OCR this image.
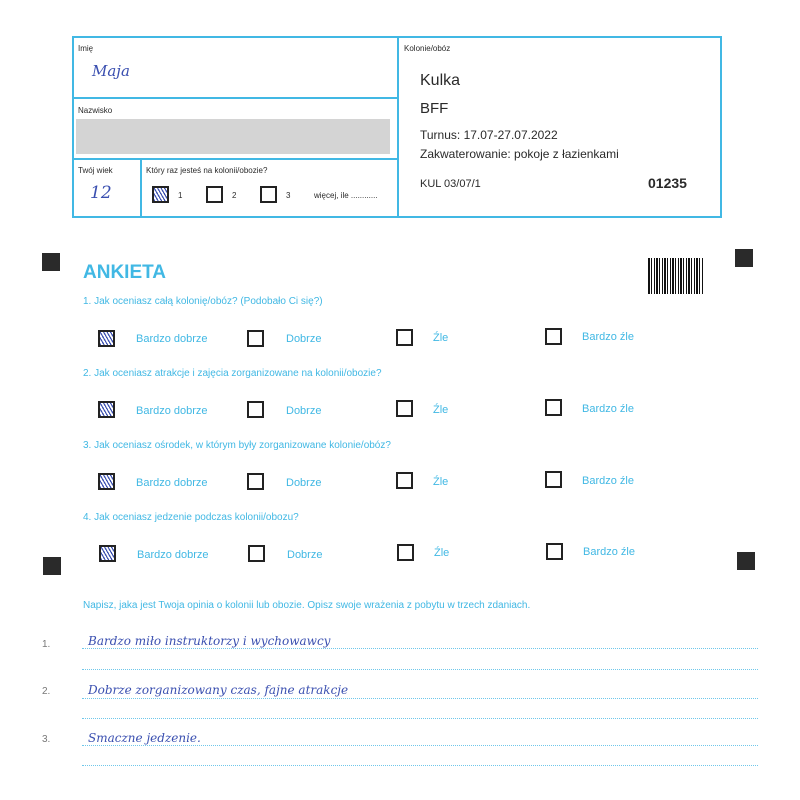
Imię
Maja
Nazwisko
Twój wiek
12
Który raz jesteś na kolonii/obozie?
1	2	3	więcej, ile ............
Kolonie/obóz
Kulka
BFF
Turnus: 17.07-27.07.2022
Zakwaterowanie: pokoje z łazienkami
KUL 03/07/1	01235
ANKIETA
1. Jak oceniasz całą kolonię/obóz? (Podobało Ci się?)
Bardzo dobrze	Dobrze	Źle	Bardzo źle
2. Jak oceniasz atrakcje i zajęcia zorganizowane na kolonii/obozie?
Bardzo dobrze	Dobrze	Źle	Bardzo źle
3. Jak oceniasz ośrodek, w którym były zorganizowane kolonie/obóz?
Bardzo dobrze	Dobrze	Źle	Bardzo źle
4. Jak oceniasz jedzenie podczas kolonii/obozu?
Bardzo dobrze	Dobrze	Źle	Bardzo źle
Napisz, jaka jest Twoja opinia o kolonii lub obozie. Opisz swoje wrażenia z pobytu w trzech zdaniach.
1.	Bardzo miło instruktorzy i wychowawcy
2.	Dobrze zorganizowany czas, fajne atrakcje
3.	Smaczne jedzenie.
